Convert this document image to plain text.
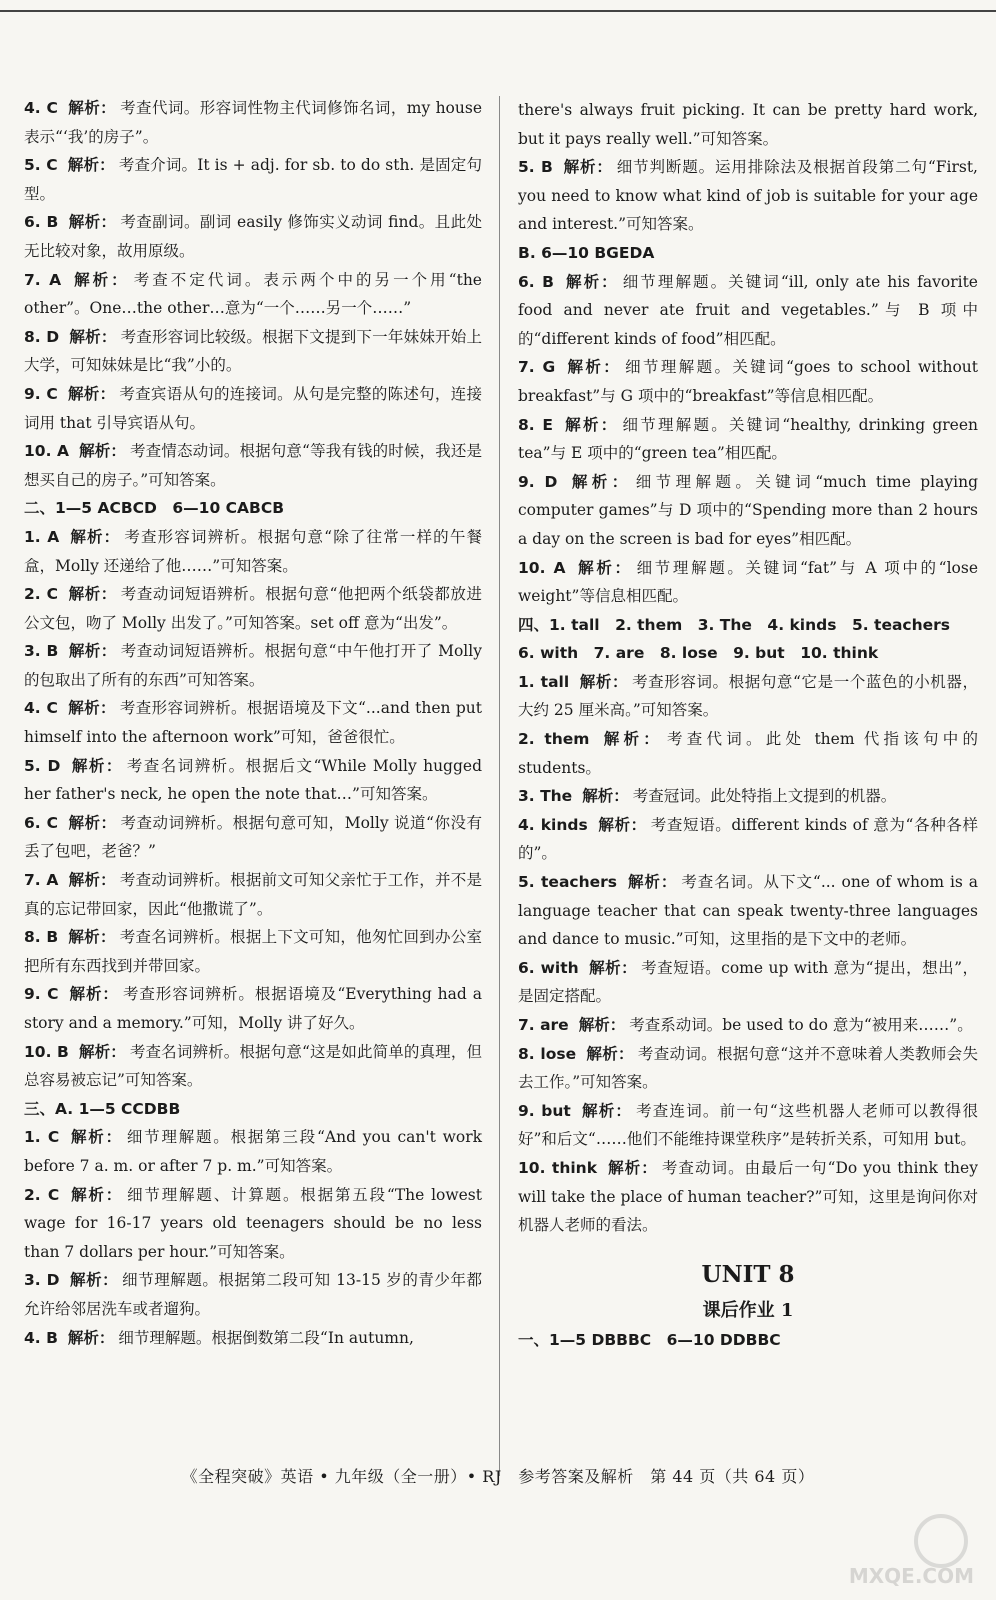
4. C 解析： 考查代词。形容词性物主代词修饰名词，my house 表示“‘我’的房子”。

5. C 解析： 考查介词。It is + adj. for sb. to do sth. 是固定句型。

6. B 解析： 考查副词。副词 easily 修饰实义动词 find。且此处无比较对象，故用原级。

7. A 解析： 考查不定代词。表示两个中的另一个用“the other”。One…the other…意为“一个……另一个……”

8. D 解析： 考查形容词比较级。根据下文提到下一年妹妹开始上大学，可知妹妹是比“我”小的。

9. C 解析： 考查宾语从句的连接词。从句是完整的陈述句，连接词用 that 引导宾语从句。

10. A 解析： 考查情态动词。根据句意“等我有钱的时候，我还是想买自己的房子。”可知答案。

二、1—5 ACBCD　6—10 CABCB

1. A 解析： 考查形容词辨析。根据句意“除了往常一样的午餐盒，Molly 还递给了他……”可知答案。

2. C 解析： 考查动词短语辨析。根据句意“他把两个纸袋都放进公文包，吻了 Molly 出发了。”可知答案。set off 意为“出发”。

3. B 解析： 考查动词短语辨析。根据句意“中午他打开了 Molly 的包取出了所有的东西”可知答案。

4. C 解析： 考查形容词辨析。根据语境及下文“...and then put himself into the afternoon work”可知，爸爸很忙。

5. D 解析： 考查名词辨析。根据后文“While Molly hugged her father's neck, he open the note that…”可知答案。

6. C 解析： 考查动词辨析。根据句意可知，Molly 说道“你没有丢了包吧，老爸？”

7. A 解析： 考查动词辨析。根据前文可知父亲忙于工作，并不是真的忘记带回家，因此“他撒谎了”。

8. B 解析： 考查名词辨析。根据上下文可知，他匆忙回到办公室把所有东西找到并带回家。

9. C 解析： 考查形容词辨析。根据语境及“Everything had a story and a memory.”可知，Molly 讲了好久。

10. B 解析： 考查名词辨析。根据句意“这是如此简单的真理，但总容易被忘记”可知答案。

三、A. 1—5 CCDBB

1. C 解析： 细节理解题。根据第三段“And you can't work before 7 a. m. or after 7 p. m.”可知答案。

2. C 解析： 细节理解题、计算题。根据第五段“The lowest wage for 16-17 years old teenagers should be no less than 7 dollars per hour.”可知答案。

3. D 解析： 细节理解题。根据第二段可知 13-15 岁的青少年都允许给邻居洗车或者遛狗。

4. B 解析： 细节理解题。根据倒数第二段“In autumn,

there's always fruit picking. It can be pretty hard work, but it pays really well.”可知答案。

5. B 解析： 细节判断题。运用排除法及根据首段第二句“First, you need to know what kind of job is suitable for your age and interest.”可知答案。

B. 6—10 BGEDA

6. B 解析： 细节理解题。关键词“ill, only ate his favorite food and never ate fruit and vegetables.”与 B 项中的“different kinds of food”相匹配。

7. G 解析： 细节理解题。关键词“goes to school without breakfast”与 G 项中的“breakfast”等信息相匹配。

8. E 解析： 细节理解题。关键词“healthy, drinking green tea”与 E 项中的“green tea”相匹配。

9. D 解析： 细节理解题。关键词“much time playing computer games”与 D 项中的“Spending more than 2 hours a day on the screen is bad for eyes”相匹配。

10. A 解析： 细节理解题。关键词“fat”与 A 项中的“lose weight”等信息相匹配。

四、1. tall　2. them　3. The　4. kinds　5. teachers

6. with　7. are　8. lose　9. but　10. think

1. tall 解析： 考查形容词。根据句意“它是一个蓝色的小机器，大约 25 厘米高。”可知答案。

2. them 解析： 考查代词。此处 them 代指该句中的 students。

3. The 解析： 考查冠词。此处特指上文提到的机器。

4. kinds 解析： 考查短语。different kinds of 意为“各种各样的”。

5. teachers 解析： 考查名词。从下文“... one of whom is a language teacher that can speak twenty-three languages and dance to music.”可知，这里指的是下文中的老师。

6. with 解析： 考查短语。come up with 意为“提出，想出”，是固定搭配。

7. are 解析： 考查系动词。be used to do 意为“被用来……”。

8. lose 解析： 考查动词。根据句意“这并不意味着人类教师会失去工作。”可知答案。

9. but 解析： 考查连词。前一句“这些机器人老师可以教得很好”和后文“……他们不能维持课堂秩序”是转折关系，可知用 but。

10. think 解析： 考查动词。由最后一句“Do you think they will take the place of human teacher?”可知，这里是询问你对机器人老师的看法。

UNIT 8
课后作业 1
一、1—5 DBBBC　6—10 DDBBC
《全程突破》英语 • 九年级（全一册）• RJ　参考答案及解析　第 44 页（共 64 页）
MXQE.COM
